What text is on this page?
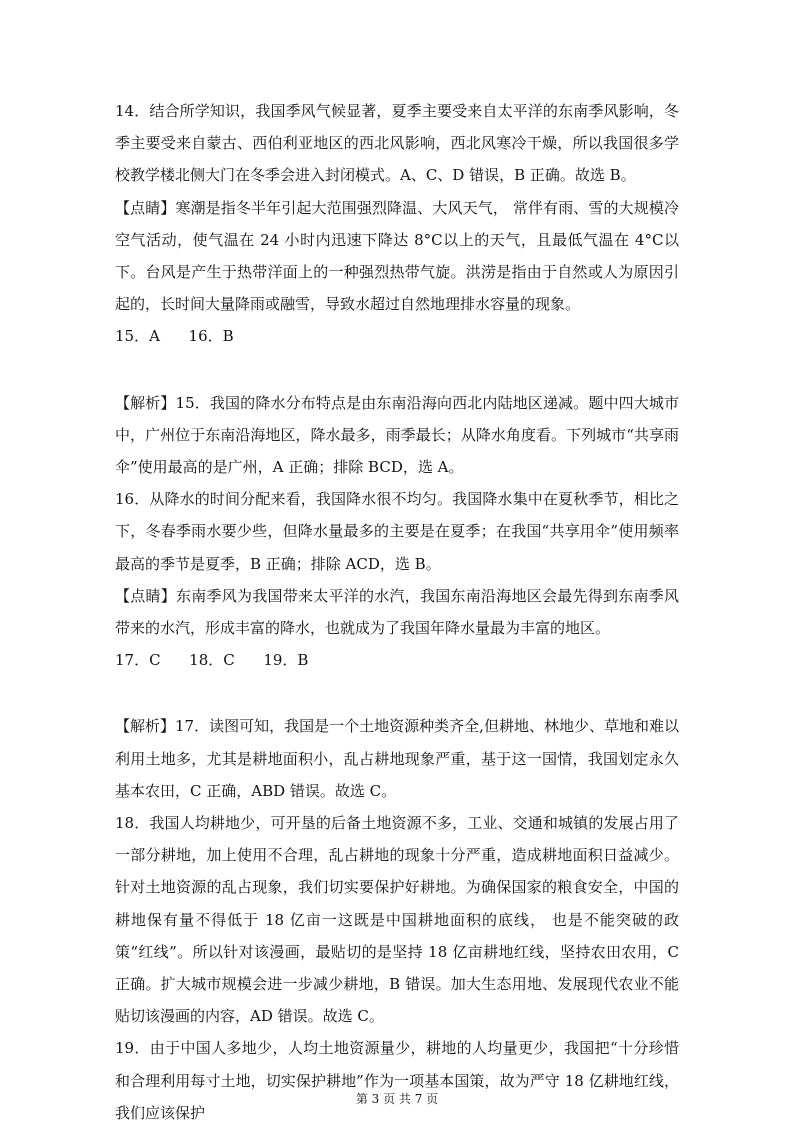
14．结合所学知识，我国季风气候显著，夏季主要受来自太平洋的东南季风影响，冬季主要受来自蒙古、西伯利亚地区的西北风影响，西北风寒冷干燥，所以我国很多学校教学楼北侧大门在冬季会进入封闭模式。A、C、D 错误，B 正确。故选 B。

【点睛】寒潮是指冬半年引起大范围强烈降温、大风天气， 常伴有雨、雪的大规模冷空气活动，使气温在 24 小时内迅速下降达 8°C以上的天气，且最低气温在 4°C以下。台风是产生于热带洋面上的一种强烈热带气旋。洪涝是指由于自然或人为原因引起的，长时间大量降雨或融雪，导致水超过自然地理排水容量的现象。

15．A      16．B

【解析】15．我国的降水分布特点是由东南沿海向西北内陆地区递减。题中四大城市中，广州位于东南沿海地区，降水最多，雨季最长；从降水角度看。下列城市“共享雨伞”使用最高的是广州，A 正确；排除 BCD，选 A。

16．从降水的时间分配来看，我国降水很不均匀。我国降水集中在夏秋季节，相比之下，冬春季雨水要少些，但降水量最多的主要是在夏季；在我国“共享用伞”使用频率最高的季节是夏季，B 正确；排除 ACD，选 B。

【点睛】东南季风为我国带来太平洋的水汽，我国东南沿海地区会最先得到东南季风带来的水汽，形成丰富的降水，也就成为了我国年降水量最为丰富的地区。

17．C      18．C      19．B

【解析】17．读图可知，我国是一个土地资源种类齐全,但耕地、林地少、草地和难以利用土地多，尤其是耕地面积小，乱占耕地现象严重，基于这一国情，我国划定永久基本农田，C 正确，ABD 错误。故选 C。

18．我国人均耕地少，可开垦的后备土地资源不多，工业、交通和城镇的发展占用了一部分耕地，加上使用不合理，乱占耕地的现象十分严重，造成耕地面积日益减少。针对土地资源的乱占现象，我们切实要保护好耕地。为确保国家的粮食安全，中国的耕地保有量不得低于 18 亿亩一这既是中国耕地面积的底线， 也是不能突破的政策“红线”。所以针对该漫画，最贴切的是坚持 18 亿亩耕地红线，坚持农田农用，C 正确。扩大城市规模会进一步减少耕地，B 错误。加大生态用地、发展现代农业不能贴切该漫画的内容，AD 错误。故选 C。

19．由于中国人多地少，人均土地资源量少，耕地的人均量更少，我国把“十分珍惜和合理利用每寸土地，切实保护耕地”作为一项基本国策，故为严守 18 亿耕地红线，我们应该保护

第 3 页 共 7 页
